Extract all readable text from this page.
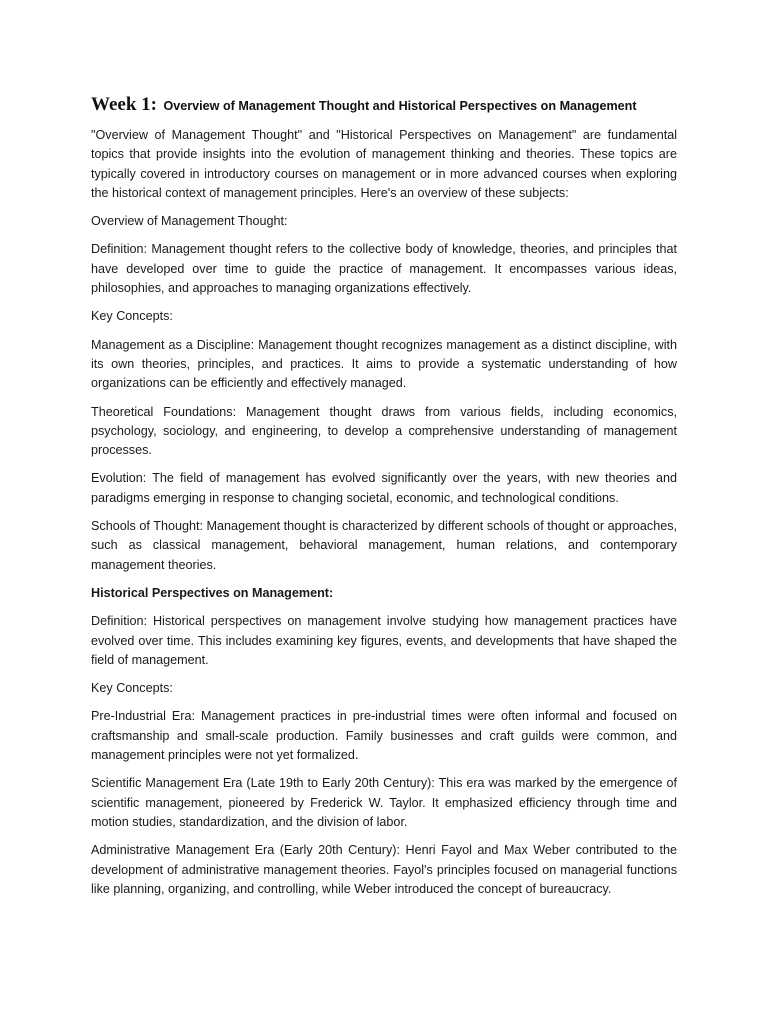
Week 1: Overview of Management Thought and Historical Perspectives on Management

"Overview of Management Thought" and "Historical Perspectives on Management" are fundamental topics that provide insights into the evolution of management thinking and theories. These topics are typically covered in introductory courses on management or in more advanced courses when exploring the historical context of management principles. Here's an overview of these subjects:

Overview of Management Thought:

Definition: Management thought refers to the collective body of knowledge, theories, and principles that have developed over time to guide the practice of management. It encompasses various ideas, philosophies, and approaches to managing organizations effectively.

Key Concepts:

Management as a Discipline: Management thought recognizes management as a distinct discipline, with its own theories, principles, and practices. It aims to provide a systematic understanding of how organizations can be efficiently and effectively managed.

Theoretical Foundations: Management thought draws from various fields, including economics, psychology, sociology, and engineering, to develop a comprehensive understanding of management processes.

Evolution: The field of management has evolved significantly over the years, with new theories and paradigms emerging in response to changing societal, economic, and technological conditions.

Schools of Thought: Management thought is characterized by different schools of thought or approaches, such as classical management, behavioral management, human relations, and contemporary management theories.

Historical Perspectives on Management:

Definition: Historical perspectives on management involve studying how management practices have evolved over time. This includes examining key figures, events, and developments that have shaped the field of management.

Key Concepts:

Pre-Industrial Era: Management practices in pre-industrial times were often informal and focused on craftsmanship and small-scale production. Family businesses and craft guilds were common, and management principles were not yet formalized.

Scientific Management Era (Late 19th to Early 20th Century): This era was marked by the emergence of scientific management, pioneered by Frederick W. Taylor. It emphasized efficiency through time and motion studies, standardization, and the division of labor.

Administrative Management Era (Early 20th Century): Henri Fayol and Max Weber contributed to the development of administrative management theories. Fayol's principles focused on managerial functions like planning, organizing, and controlling, while Weber introduced the concept of bureaucracy.
